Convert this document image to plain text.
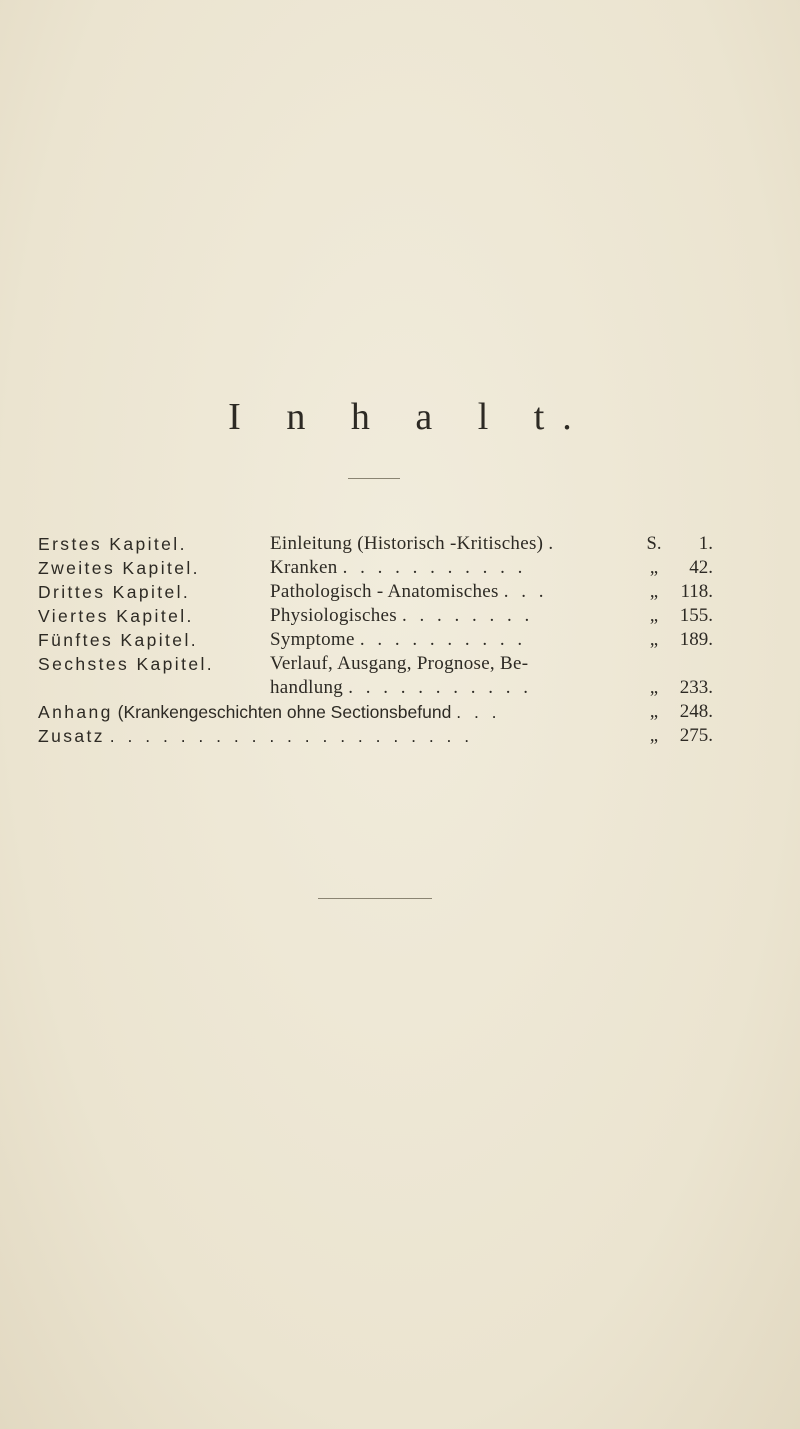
I n h a l t.
Erstes Kapitel.	Einleitung (Historisch -Kritisches) .	S. 1.
Zweites Kapitel.	Kranken . . . . . . . . . . .	„	42.
Drittes Kapitel.	Pathologisch - Anatomisches . . .	„	118.
Viertes Kapitel.	Physiologisches . . . . . . . .	„	155.
Fünftes Kapitel.	Symptome . . . . . . . . . .	„	189.
Sechstes Kapitel.	Verlauf, Ausgang, Prognose, Be-
handlung . . . . . . . . . . .	„	233.
Anhang (Krankengeschichten ohne Sectionsbefund . . .	„	248.
Zusatz . . . . . . . . . . . . . . . . . . . . .	„	275.
